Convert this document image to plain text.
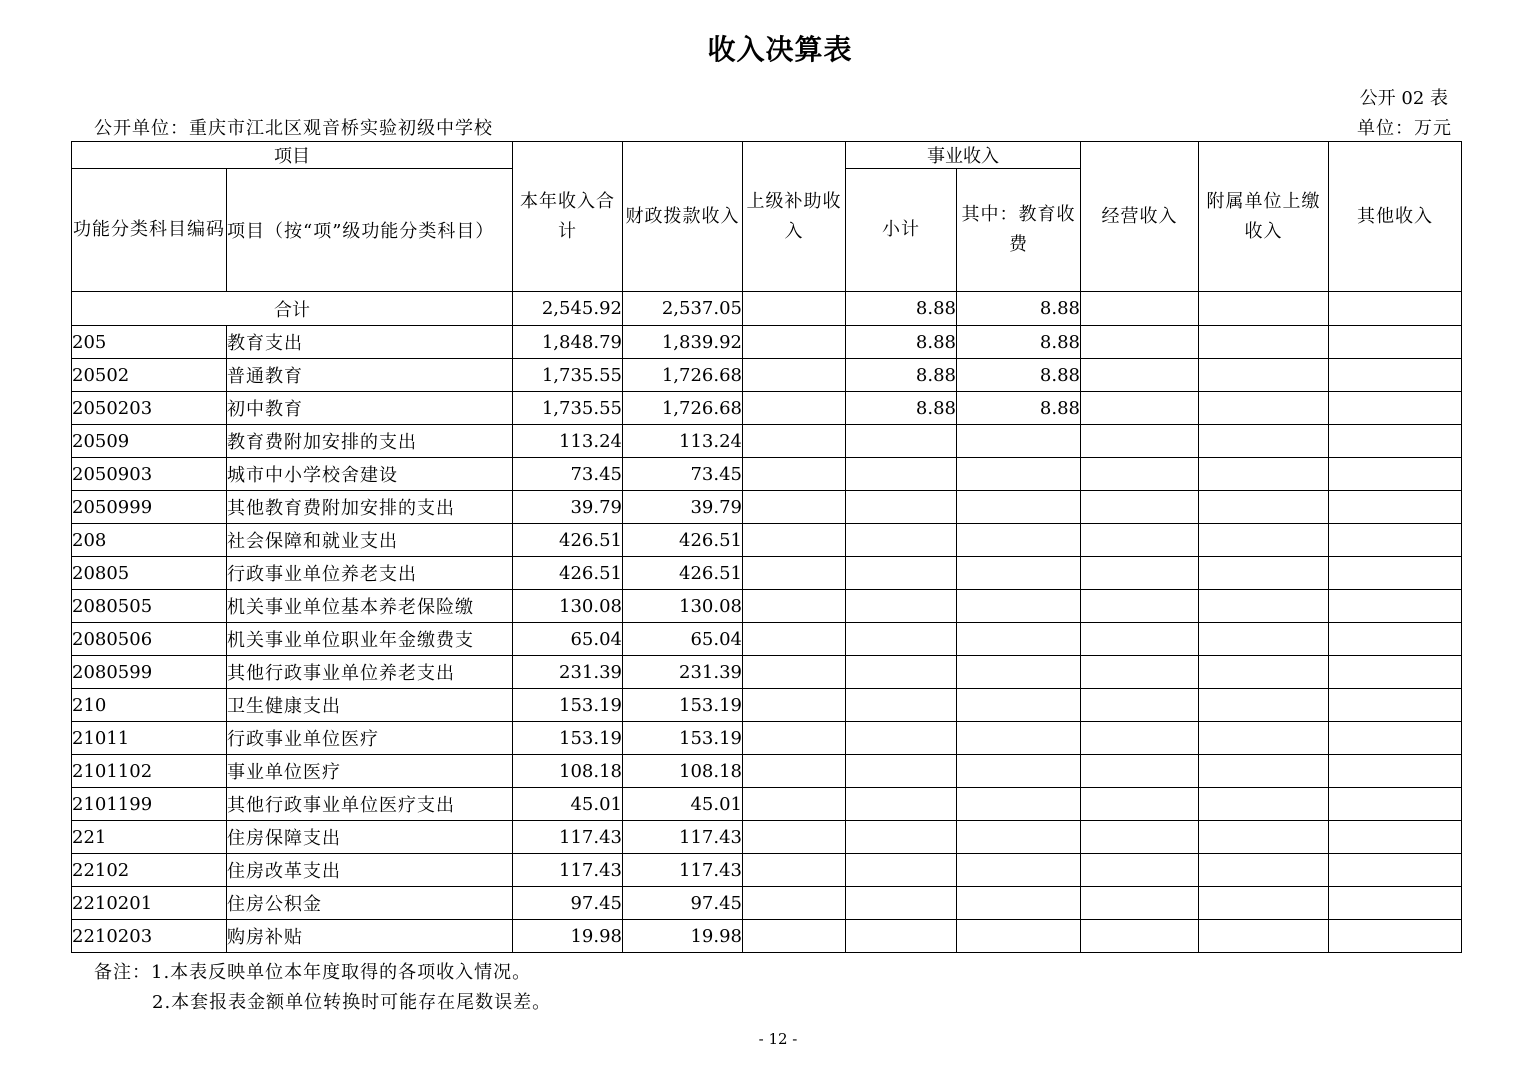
收入决算表
公开 02 表
公开单位：重庆市江北区观音桥实验初级中学校	单位：万元
项目		本年收入合计	财政拨款收入	上级补助收入	事业收入		经营收入	附属单位上缴收入	其他收入
功能分类科目编码	项目（按“项”级功能分类科目）				小计	其中：教育收费			
合计		2,545.92	2,537.05		8.88	8.88			
205	教育支出	1,848.79	1,839.92		8.88	8.88			
20502	普通教育	1,735.55	1,726.68		8.88	8.88			
2050203	初中教育	1,735.55	1,726.68		8.88	8.88			
20509	教育费附加安排的支出	113.24	113.24						
2050903	城市中小学校舍建设	73.45	73.45						
2050999	其他教育费附加安排的支出	39.79	39.79						
208	社会保障和就业支出	426.51	426.51						
20805	行政事业单位养老支出	426.51	426.51						
2080505	机关事业单位基本养老保险缴	130.08	130.08						
2080506	机关事业单位职业年金缴费支	65.04	65.04						
2080599	其他行政事业单位养老支出	231.39	231.39						
210	卫生健康支出	153.19	153.19						
21011	行政事业单位医疗	153.19	153.19						
2101102	事业单位医疗	108.18	108.18						
2101199	其他行政事业单位医疗支出	45.01	45.01						
221	住房保障支出	117.43	117.43						
22102	住房改革支出	117.43	117.43						
2210201	住房公积金	97.45	97.45						
2210203	购房补贴	19.98	19.98						
备注：1.本表反映单位本年度取得的各项收入情况。
2.本套报表金额单位转换时可能存在尾数误差。
- 12 -
